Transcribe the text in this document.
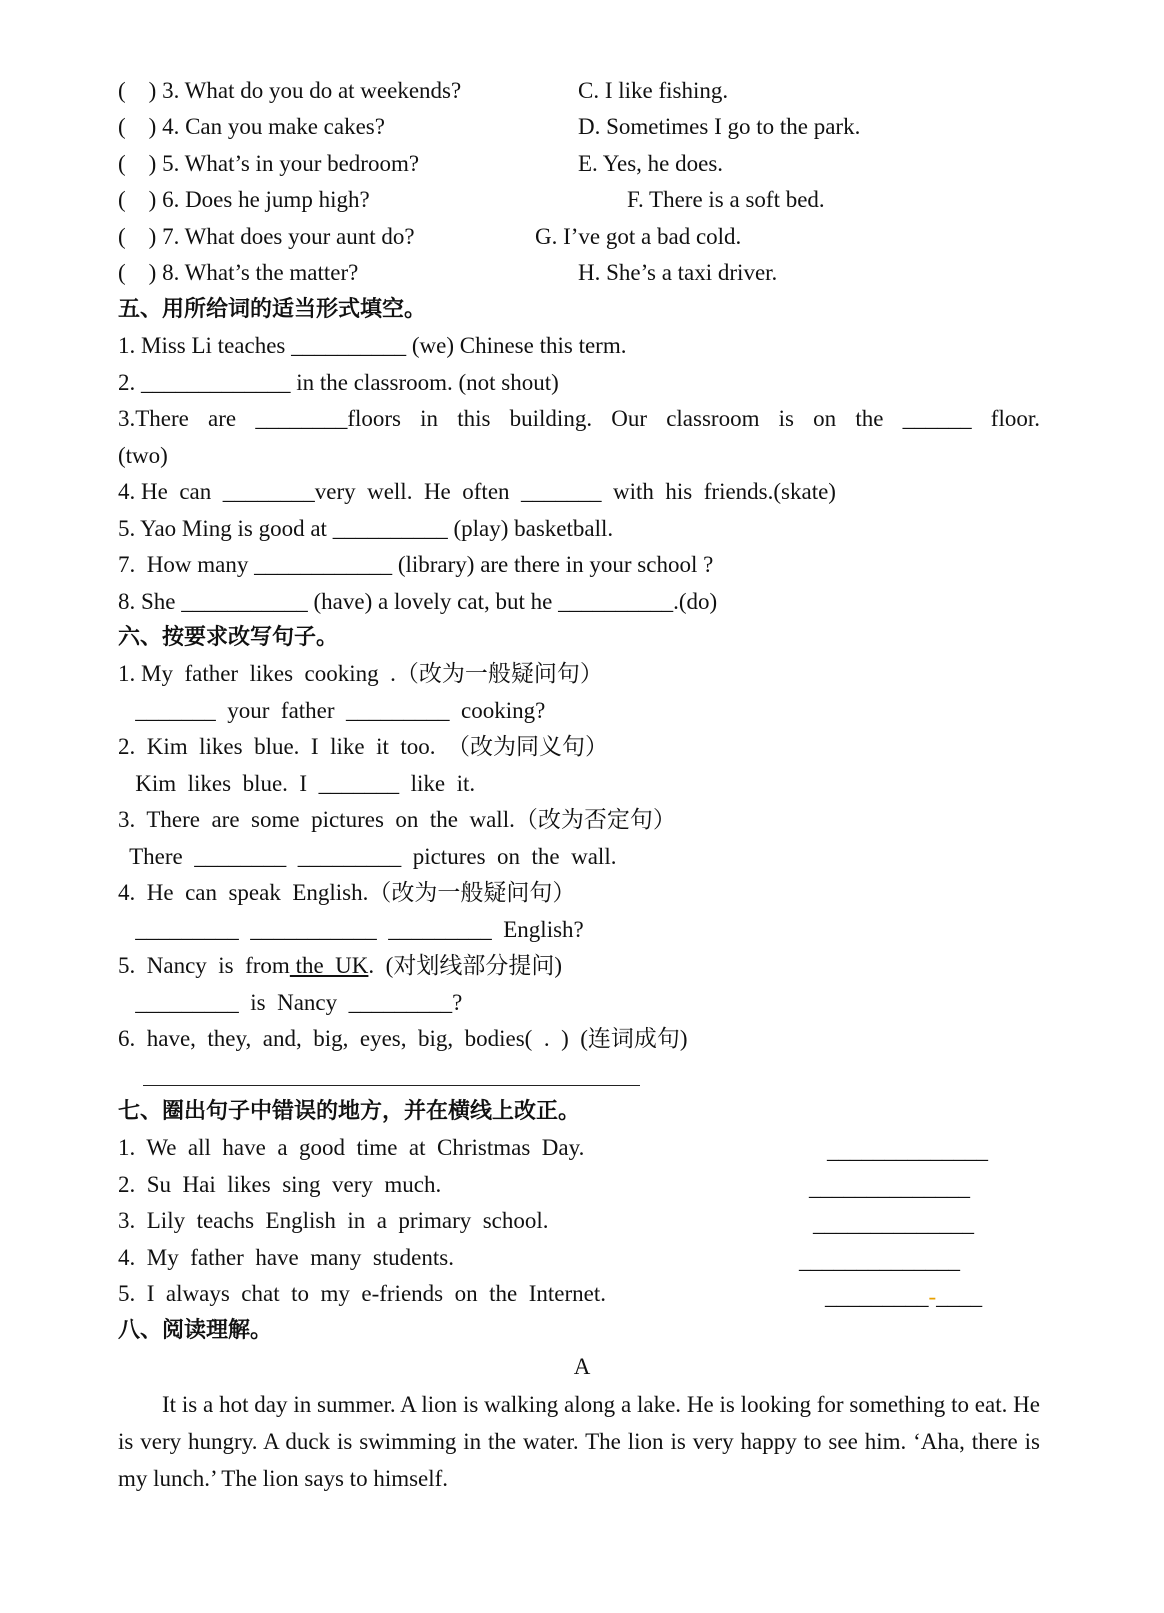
(    ) 3. What do you do at weekends?	C. I like fishing.
(    ) 4. Can you make cakes?	D. Sometimes I go to the park.
(    ) 5. What’s in your bedroom?	E. Yes, he does.
(    ) 6. Does he jump high?	F. There is a soft bed.
(    ) 7. What does your aunt do?	G. I’ve got a bad cold.
(    ) 8. What’s the matter?	H. She’s a taxi driver.
五、用所给词的适当形式填空。
1. Miss Li teaches __________ (we) Chinese this term.
2. _____________ in the classroom. (not shout)
3.There are ________floors in this building. Our classroom is on the ______ floor.
(two)
4. He  can  ________very  well.  He  often  _______  with  his  friends.(skate)
5. Yao Ming is good at __________ (play) basketball.
7.  How many ____________ (library) are there in your school ?
8. She ___________ (have) a lovely cat, but he __________.(do)
六、按要求改写句子。
1. My  father  likes  cooking  .（改为一般疑问句）
_______  your  father  _________  cooking?
2.  Kim  likes  blue.  I  like  it  too.  （改为同义句）
Kim  likes  blue.  I  _______  like  it.
3.  There  are  some  pictures  on  the  wall.（改为否定句）
There  ________  _________  pictures  on  the  wall.
4.  He  can  speak  English.（改为一般疑问句）
_________  ___________  _________  English?
5.  Nancy  is  from the  UK.  (对划线部分提问)
_________  is  Nancy  _________?
6.  have,  they,  and,  big,  eyes,  big,  bodies(  .  )  (连词成句)
七、圈出句子中错误的地方，并在横线上改正。
1.  We  all  have  a  good  time  at  Christmas  Day.	______________
2.  Su  Hai  likes  sing  very  much.	______________
3.  Lily  teachs  English  in  a  primary  school.	______________
4.  My  father  have  many  students.	______________
5.  I  always  chat  to  my  e-friends  on  the  Internet.	_________-____
八、阅读理解。
A

It is a hot day in summer. A lion is walking along a lake. He is looking for something to eat. He is very hungry. A duck is swimming in the water. The lion is very happy to see him. ‘Aha, there is my lunch.’ The lion says to himself.
